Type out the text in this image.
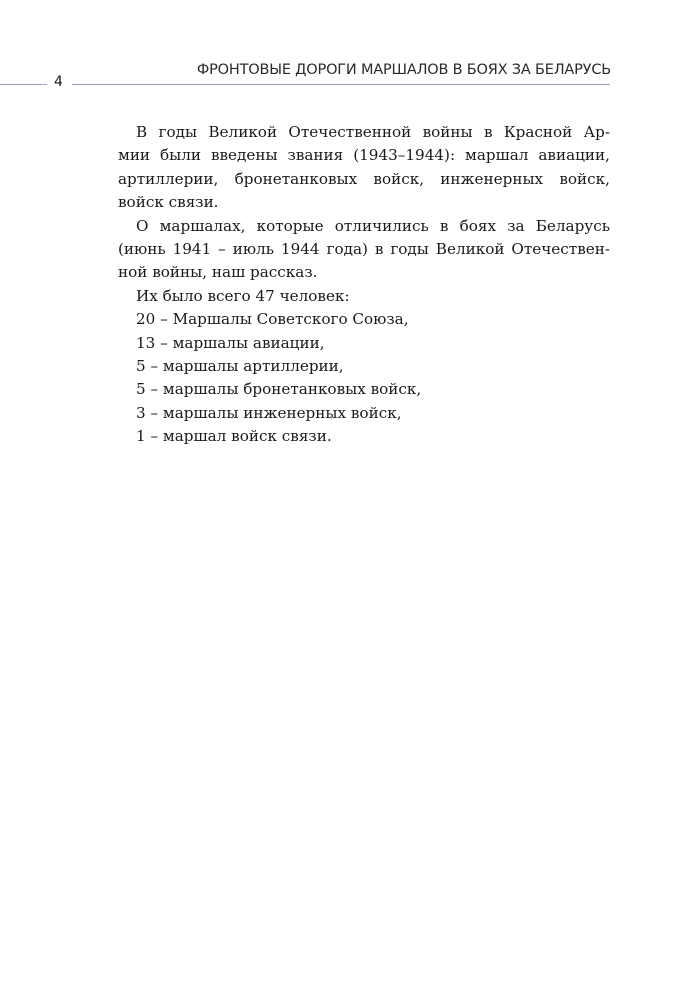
4
ФРОНТОВЫЕ ДОРОГИ МАРШАЛОВ В БОЯХ ЗА БЕЛАРУСЬ
В годы Великой Отечественной войны в Красной Ар-
мии были введены звания (1943–1944): маршал авиации,
артиллерии, бронетанковых войск, инженерных войск,
войск связи.
О маршалах, которые отличились в боях за Беларусь
(июнь 1941 – июль 1944 года) в годы Великой Отечествен-
ной войны, наш рассказ.
Их было всего 47 человек:
20 – Маршалы Советского Союза,
13 – маршалы авиации,
5 – маршалы артиллерии,
5 – маршалы бронетанковых войск,
3 – маршалы инженерных войск,
1 – маршал войск связи.
